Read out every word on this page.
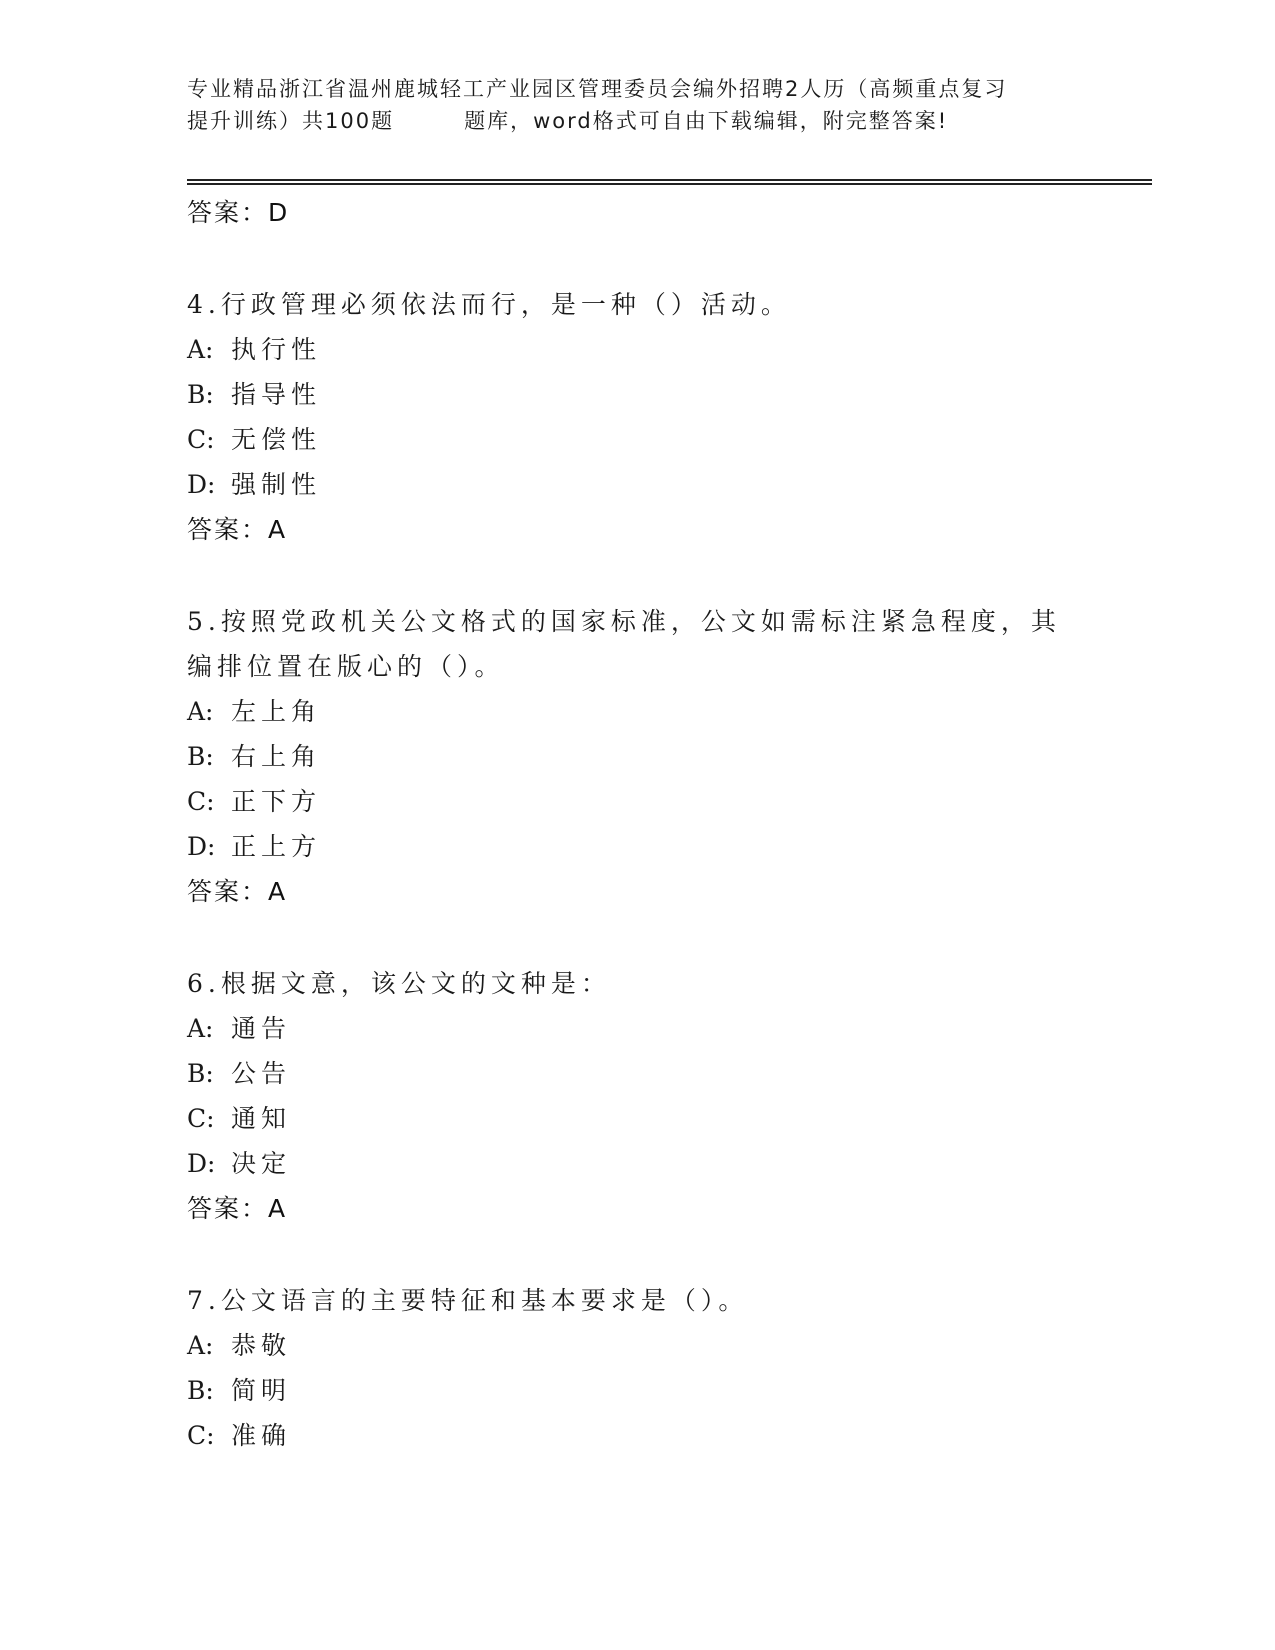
专业精品浙江省温州鹿城轻工产业园区管理委员会编外招聘2人历（高频重点复习
提升训练）共100题	题库，word格式可自由下载编辑，附完整答案!
答案：D
4.行政管理必须依法而行，是一种（）活动。
A: 执行性
B: 指导性
C: 无偿性
D: 强制性
答案：A
5.按照党政机关公文格式的国家标准，公文如需标注紧急程度，其编排位置在版心的（）。
A: 左上角
B: 右上角
C: 正下方
D: 正上方
答案：A
6.根据文意，该公文的文种是：
A: 通告
B: 公告
C: 通知
D: 决定
答案：A
7.公文语言的主要特征和基本要求是（）。
A: 恭敬
B: 简明
C: 准确
